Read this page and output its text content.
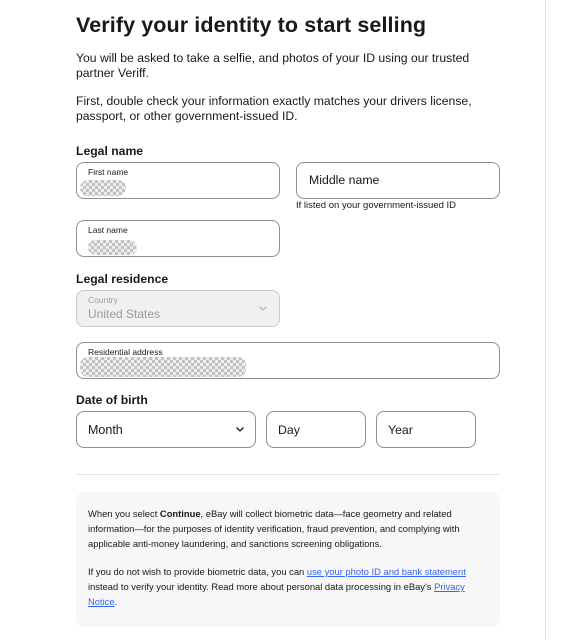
Verify your identity to start selling

You will be asked to take a selfie, and photos of your ID using our trusted partner Veriff.

First, double check your information exactly matches your drivers license, passport, or other government-issued ID.

Legal name
First name
Middle name
If listed on your government-issued ID
Last name
Legal residence
Country
United States
Residential address
Date of birth
Month	Day	Year

When you select Continue, eBay will collect biometric data—face geometry and related information—for the purposes of identity verification, fraud prevention, and complying with applicable anti-money laundering, and sanctions screening obligations.

If you do not wish to provide biometric data, you can use your photo ID and bank statement instead to verify your identity. Read more about personal data processing in eBay's Privacy Notice.
